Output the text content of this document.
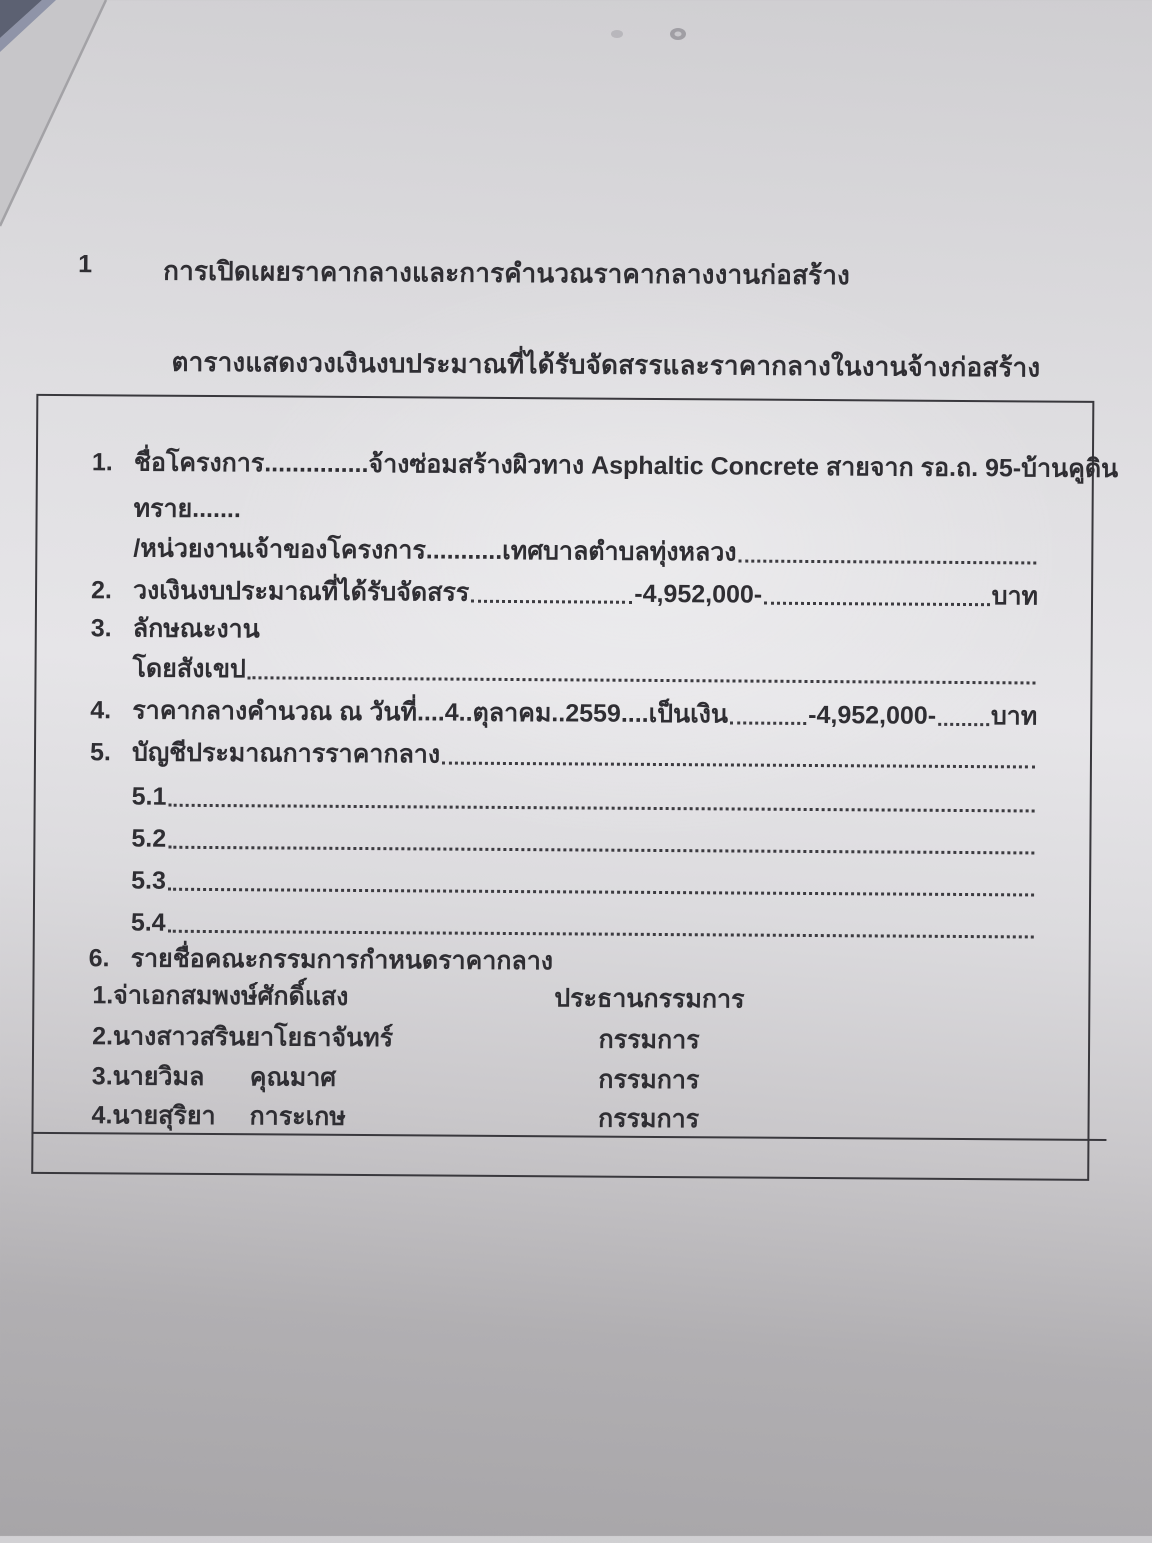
1	การเปิดเผยราคากลางและการคำนวณราคากลางงานก่อสร้าง
ตารางแสดงวงเงินงบประมาณที่ได้รับจัดสรรและราคากลางในงานจ้างก่อสร้าง
1. ชื่อโครงการ...............จ้างซ่อมสร้างผิวทาง Asphaltic Concrete สายจาก รอ.ถ. 95-บ้านคูดิน
ทราย.......
/หน่วยงานเจ้าของโครงการ........... เทศบาลตำบลทุ่งหลวง
2. วงเงินงบประมาณที่ได้รับจัดสรร	-4,952,000-	บาท
3. ลักษณะงาน
โดยสังเขป
4. ราคากลางคำนวณ ณ วันที่ ....4..ตุลาคม..2559....เป็นเงิน	-4,952,000- บาท
5. บัญชีประมาณการราคากลาง
5.1
5.2
5.3
5.4
6. รายชื่อคณะกรรมการกำหนดราคากลาง
1.จ่าเอกสมพงษ์ศักดิ์แสง	ประธานกรรมการ
2.นางสาวสรินยาโยธาจันทร์	กรรมการ
3.นายวิมล คุณมาศ	กรรมการ
4.นายสุริยา การะเกษ	กรรมการ
